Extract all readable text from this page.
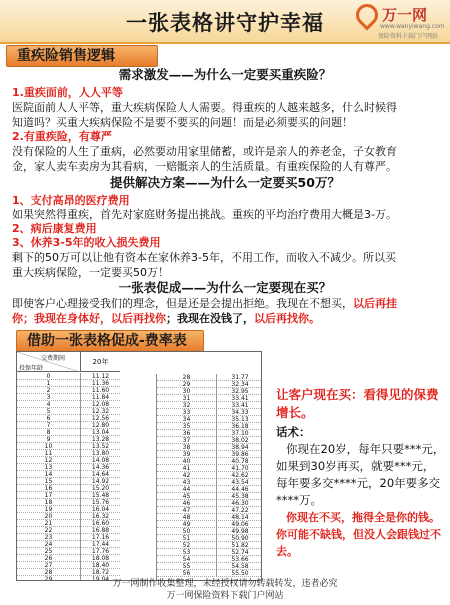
一张表格讲守护幸福	万一网
www.wanyiwang.com
保险资料下载门户网站
重疾险销售逻辑
需求激发——为什么一定要买重疾险？
1.重疾面前，人人平等
医院面前人人平等，重大疾病保险人人需要。得重疾的人越来越多，什么时候得
知道吗？买重大疾病保险不是要不要买的问题！而是必须要买的问题！
2.有重疾险，有尊严
没有保险的人生了重病，必然要动用家里储蓄，或许是亲人的养老金，子女教育
金，家人卖车卖房为其看病，一赔骶亲人的生活质量。有重疾保险的人有尊严。
提供解决方案——为什么一定要买50万？
1、支付高昂的医疗费用
如果突然得重疾，首先对家庭财务提出挑战。重疾的平均治疗费用大概是3-万。
2、病后康复费用
3、休养3-5年的收入损失费用
剩下的50万可以让他有资本在家休养3-5年，不用工作，而收入不减少。所以买
重大疾病保险，一定要买50万！
一张表促成——为什么一定要现在买？
即使客户心理接受我们的理念，但是还是会提出拒绝。我现在不想买，以后再挂
你；我现在身体好，以后再找你；我现在没钱了，以后再找你。
借助一张表格促成-费率表
交费期间
投保年龄
20年
0	11.12
1	11.36
2	11.60
3	11.84
4	12.08
5	12.32
6	12.56
7	12.80
8	13.04
9	13.28
10	13.52
11	13.80
12	14.08
13	14.36
14	14.64
15	14.92
16	15.20
17	15.48
18	15.76
19	16.04
20	16.32
21	16.60
22	16.88
23	17.16
24	17.44
25	17.76
26	18.08
27	18.40
28	18.72
29	19.04
28	31.77
29	32.34
30	32.95
31	33.41
32	33.41
33	34.33
34	35.13
35	36.18
36	37.10
37	38.02
38	38.94
39	39.86
40	40.78
41	41.70
42	42.62
43	43.54
44	44.46
45	45.38
46	46.30
47	47.22
48	48.14
49	49.06
50	49.98
51	50.90
52	51.82
53	52.74
54	53.66
55	54.58
56	55.50
让客户现在买：看得见的保费增长。
话术：
你现在20岁，每年只要***元，
如果到30岁再买，就要***元，
每年要多交****元，20年要多交****万。
你现在不买，拖得全是你的钱。
你可能不缺钱，但没人会跟钱过不去。
万一网制作收集整理，未经授权请勿转载转发，违者必究
万一网保险资料下载门户网站
